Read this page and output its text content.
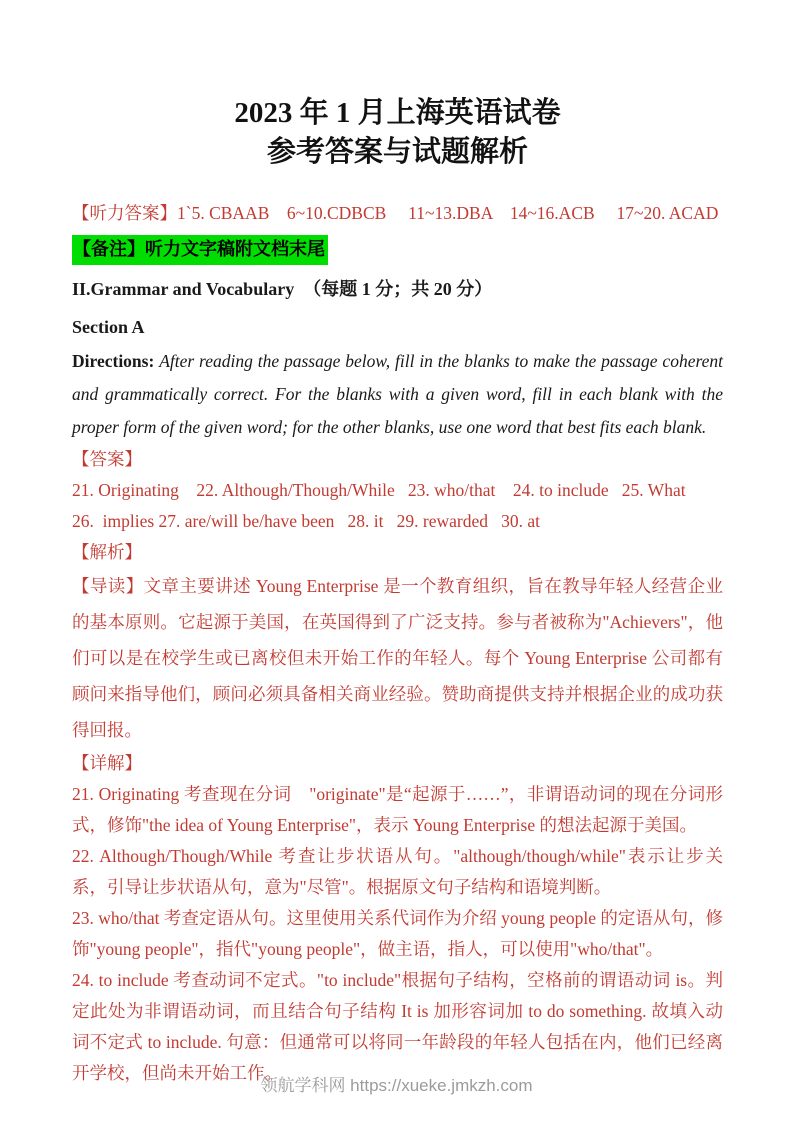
2023 年 1 月上海英语试卷
参考答案与试题解析
【听力答案】1`5. CBAAB    6~10.CDBCB     11~13.DBA    14~16.ACB     17~20. ACAD
【备注】听力文字稿附文档末尾
II.Grammar and Vocabulary  （每题 1 分；共 20 分）
Section A
Directions: After reading the passage below, fill in the blanks to make the passage coherent and grammatically correct. For the blanks with a given word, fill in each blank with the proper form of the given word; for the other blanks, use one word that best fits each blank.
【答案】
21. Originating    22. Although/Though/While   23. who/that    24. to include   25. What
26.  implies 27. are/will be/have been   28. it   29. rewarded   30. at
【解析】
【导读】文章主要讲述 Young Enterprise 是一个教育组织，旨在教导年轻人经营企业的基本原则。它起源于美国，在英国得到了广泛支持。参与者被称为"Achievers"，他们可以是在校学生或已离校但未开始工作的年轻人。每个 Young Enterprise 公司都有顾问来指导他们，顾问必须具备相关商业经验。赞助商提供支持并根据企业的成功获得回报。
【详解】
21. Originating 考查现在分词　"originate"是“起源于……”，非谓语动词的现在分词形式，修饰"the idea of Young Enterprise"，表示 Young Enterprise 的想法起源于美国。
22. Although/Though/While 考查让步状语从句。"although/though/while"表示让步关系，引导让步状语从句，意为"尽管"。根据原文句子结构和语境判断。
23. who/that 考查定语从句。这里使用关系代词作为介绍 young people 的定语从句，修饰"young people"，指代"young people"，做主语，指人，可以使用"who/that"。
24. to include 考查动词不定式。"to include"根据句子结构，空格前的谓语动词 is。判定此处为非谓语动词，而且结合句子结构 It is 加形容词加 to do something. 故填入动词不定式 to include. 句意：但通常可以将同一年龄段的年轻人包括在内，他们已经离开学校，但尚未开始工作。
领航学科网 https://xueke.jmkzh.com
